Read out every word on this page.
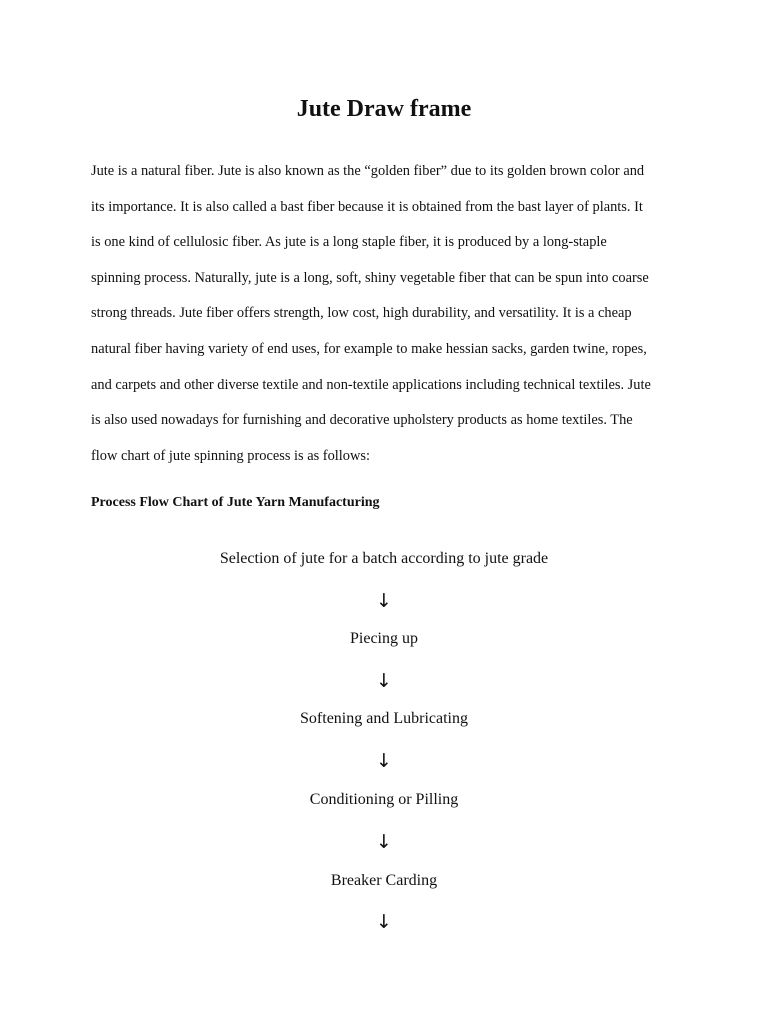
Jute Draw frame

Jute is a natural fiber. Jute is also known as the “golden fiber” due to its golden brown color and
its importance. It is also called a bast fiber because it is obtained from the bast layer of plants. It
is one kind of cellulosic fiber. As jute is a long staple fiber, it is produced by a long-staple
spinning process. Naturally, jute is a long, soft, shiny vegetable fiber that can be spun into coarse
strong threads. Jute fiber offers strength, low cost, high durability, and versatility. It is a cheap
natural fiber having variety of end uses, for example to make hessian sacks, garden twine, ropes,
and carpets and other diverse textile and non-textile applications including technical textiles. Jute
is also used nowadays for furnishing and decorative upholstery products as home textiles. The
flow chart of jute spinning process is as follows:

Process Flow Chart of Jute Yarn Manufacturing
Selection of jute for a batch according to jute grade
↓
Piecing up
↓
Softening and Lubricating
↓
Conditioning or Pilling
↓
Breaker Carding
↓
